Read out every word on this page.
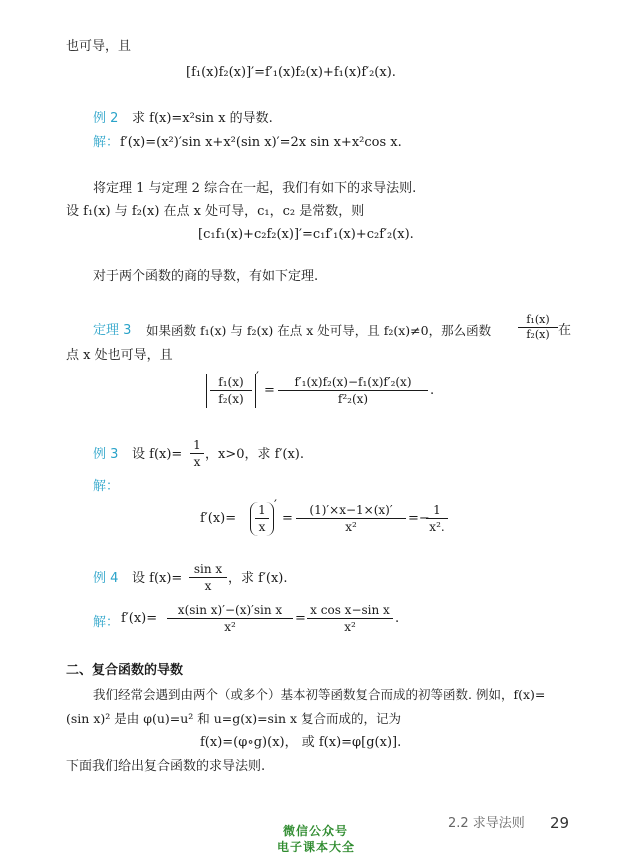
也可导，且
[f₁(x)f₂(x)]′=f′₁(x)f₂(x)+f₁(x)f′₂(x).
例 2 求 f(x)=x²sin x 的导数.
解： f′(x)=(x²)′sin x+x²(sin x)′=2x sin x+x²cos x.
将定理 1 与定理 2 综合在一起，我们有如下的求导法则.
设 f₁(x) 与 f₂(x) 在点 x 处可导，c₁，c₂ 是常数，则
[c₁f₁(x)+c₂f₂(x)]′=c₁f′₁(x)+c₂f′₂(x).
对于两个函数的商的导数，有如下定理.
定理 3 如果函数 f₁(x) 与 f₂(x) 在点 x 处可导，且 f₂(x)≠0，那么函数 $\frac{\text{f₁(x)}}{\text{f₂(x)}}$ 在
点 x 处也可导，且
$\frac{\text{f₁(x)}}{\text{f₂(x)}}$ ′
= $\frac{\text{f′₁(x)f₂(x)−f₁(x)f′₂(x)}}{\text{f²₂(x)}}$ .
例 3 设 $f(x)= \frac{1}{x}$ ，x>0，求 f′(x).
解：
$f'(x)= \frac{1}{x}$ ′
= $\frac{(1)'\times x-1\times(x)'}{\text{x²}}$ =−
$\frac{1}{\text{x².}}$
例 4 设 $f(x)= \frac{\text{sin x}}{x}$ ，求 f′(x).
解： $f'(x)= \frac{\text{x(sin x)′−(x)′sin x}}{\text{x²}} = \frac{\text{x cos x−sin x}}{\text{x²}}$ .
二、复合函数的导数
我们经常会遇到由两个（或多个）基本初等函数复合而成的初等函数. 例如，f(x)=
(sin x)² 是由 φ(u)=u² 和 u=g(x)=sin x 复合而成的，记为
f(x)=(φ∘g)(x)， 或 f(x)=φ[g(x)].
下面我们给出复合函数的求导法则.
2.2 求导法则 29
微信公众号
电子课本大全
